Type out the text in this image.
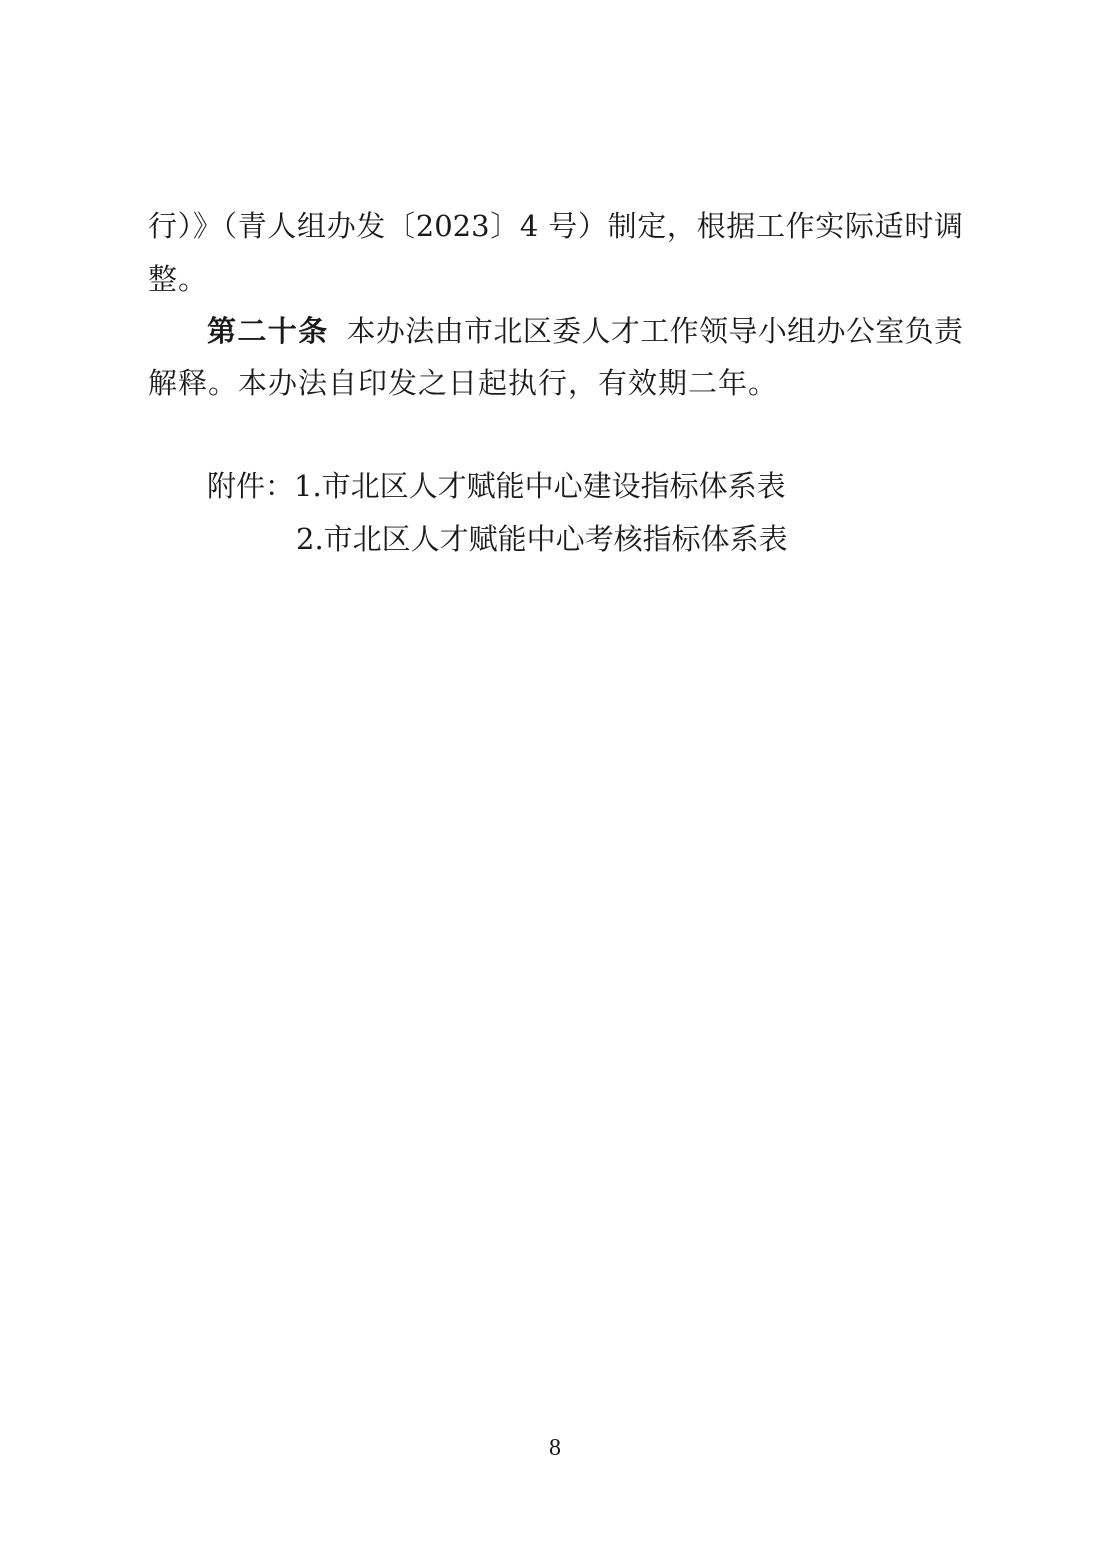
行）》（青人组办发〔2023〕4 号）制定，根据工作实际适时调
整。
第二十条 本办法由市北区委人才工作领导小组办公室负责
解释。本办法自印发之日起执行，有效期二年。
附件：1.市北区人才赋能中心建设指标体系表
2.市北区人才赋能中心考核指标体系表
8
